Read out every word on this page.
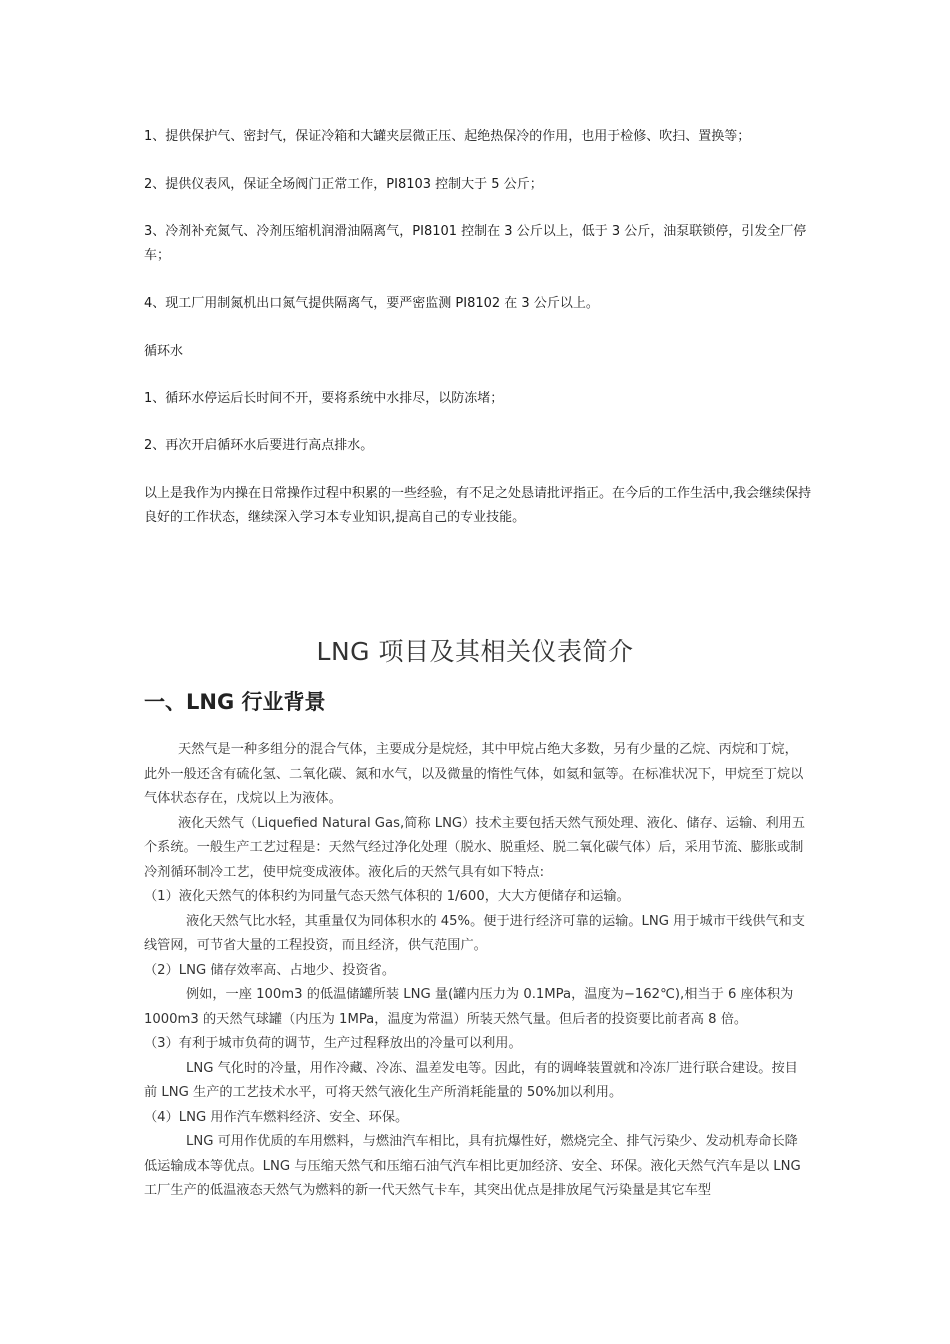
1、提供保护气、密封气，保证冷箱和大罐夹层微正压、起绝热保冷的作用，也用于检修、吹扫、置换等；
2、提供仪表风，保证全场阀门正常工作，PI8103 控制大于 5 公斤；
3、冷剂补充氮气、冷剂压缩机润滑油隔离气，PI8101 控制在 3 公斤以上，低于 3 公斤，油泵联锁停，引发全厂停车；
4、现工厂用制氮机出口氮气提供隔离气，要严密监测 PI8102 在 3 公斤以上。
循环水
1、循环水停运后长时间不开，要将系统中水排尽，以防冻堵；
2、再次开启循环水后要进行高点排水。
以上是我作为内操在日常操作过程中积累的一些经验，有不足之处恳请批评指正。在今后的工作生活中,我会继续保持良好的工作状态，继续深入学习本专业知识,提高自己的专业技能。
LNG 项目及其相关仪表简介
一、LNG 行业背景

天然气是一种多组分的混合气体，主要成分是烷烃，其中甲烷占绝大多数，另有少量的乙烷、丙烷和丁烷，此外一般还含有硫化氢、二氧化碳、氮和水气，以及微量的惰性气体，如氦和氩等。在标准状况下，甲烷至丁烷以气体状态存在，戊烷以上为液体。

液化天然气（Liquefied Natural Gas,简称 LNG）技术主要包括天然气预处理、液化、储存、运输、利用五个系统。一般生产工艺过程是：天然气经过净化处理（脱水、脱重烃、脱二氧化碳气体）后，采用节流、膨胀或制冷剂循环制冷工艺，使甲烷变成液体。液化后的天然气具有如下特点:

（1）液化天然气的体积约为同量气态天然气体积的 1/600，大大方便储存和运输。

液化天然气比水轻，其重量仅为同体积水的 45%。便于进行经济可靠的运输。LNG 用于城市干线供气和支线管网，可节省大量的工程投资，而且经济，供气范围广。

（2）LNG 储存效率高、占地少、投资省。

例如，一座 100m3 的低温储罐所装 LNG 量(罐内压力为 0.1MPa，温度为−162℃),相当于 6 座体积为 1000m3 的天然气球罐（内压为 1MPa，温度为常温）所装天然气量。但后者的投资要比前者高 8 倍。

（3）有利于城市负荷的调节，生产过程释放出的冷量可以利用。

LNG 气化时的冷量，用作冷藏、冷冻、温差发电等。因此，有的调峰装置就和冷冻厂进行联合建设。按目前 LNG 生产的工艺技术水平，可将天然气液化生产所消耗能量的 50%加以利用。

（4）LNG 用作汽车燃料经济、安全、环保。

LNG 可用作优质的车用燃料，与燃油汽车相比，具有抗爆性好，燃烧完全、排气污染少、发动机寿命长降低运输成本等优点。LNG 与压缩天然气和压缩石油气汽车相比更加经济、安全、环保。液化天然气汽车是以 LNG 工厂生产的低温液态天然气为燃料的新一代天然气卡车，其突出优点是排放尾气污染量是其它车型
